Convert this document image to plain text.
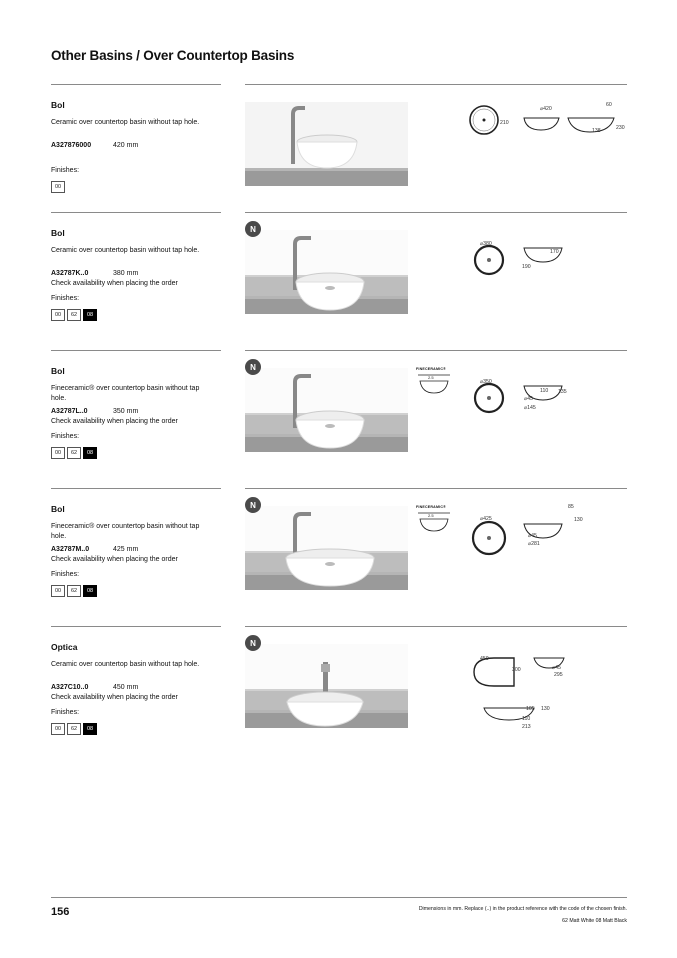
Other Basins / Over Countertop Basins
Bol
Ceramic over countertop basin without tap hole.
A327876000	420 mm
Finishes:
00
210
⌀420
60
138	230
Bol
Ceramic over countertop basin without tap hole.
A32787K..0	380 mm
Check availability when placing the order
Finishes:
00	62	08
N
⌀380
170
190
Bol
Fineceramic® over countertop basin without tap hole.
A32787L..0	350 mm
Check availability when placing the order
Finishes:
00	62	08
N	FINECERAMIC®
2.5
⌀350
110 135
⌀45
⌀145
Bol
Fineceramic® over countertop basin without tap hole.
A32787M..0	425 mm
Check availability when placing the order
Finishes:
00	62	08
N	FINECERAMIC®
2.5
⌀425
85
130
⌀45
⌀281
Optica
Ceramic over countertop basin without tap hole.
A327C10..0	450 mm
Check availability when placing the order
Finishes:
00	62	08
N
450
300	⌀45
295
105 130
110
213
156	Dimensions in mm. Replace (..) in the product reference with the code of the chosen finish.
62 Matt White 08 Matt Black
